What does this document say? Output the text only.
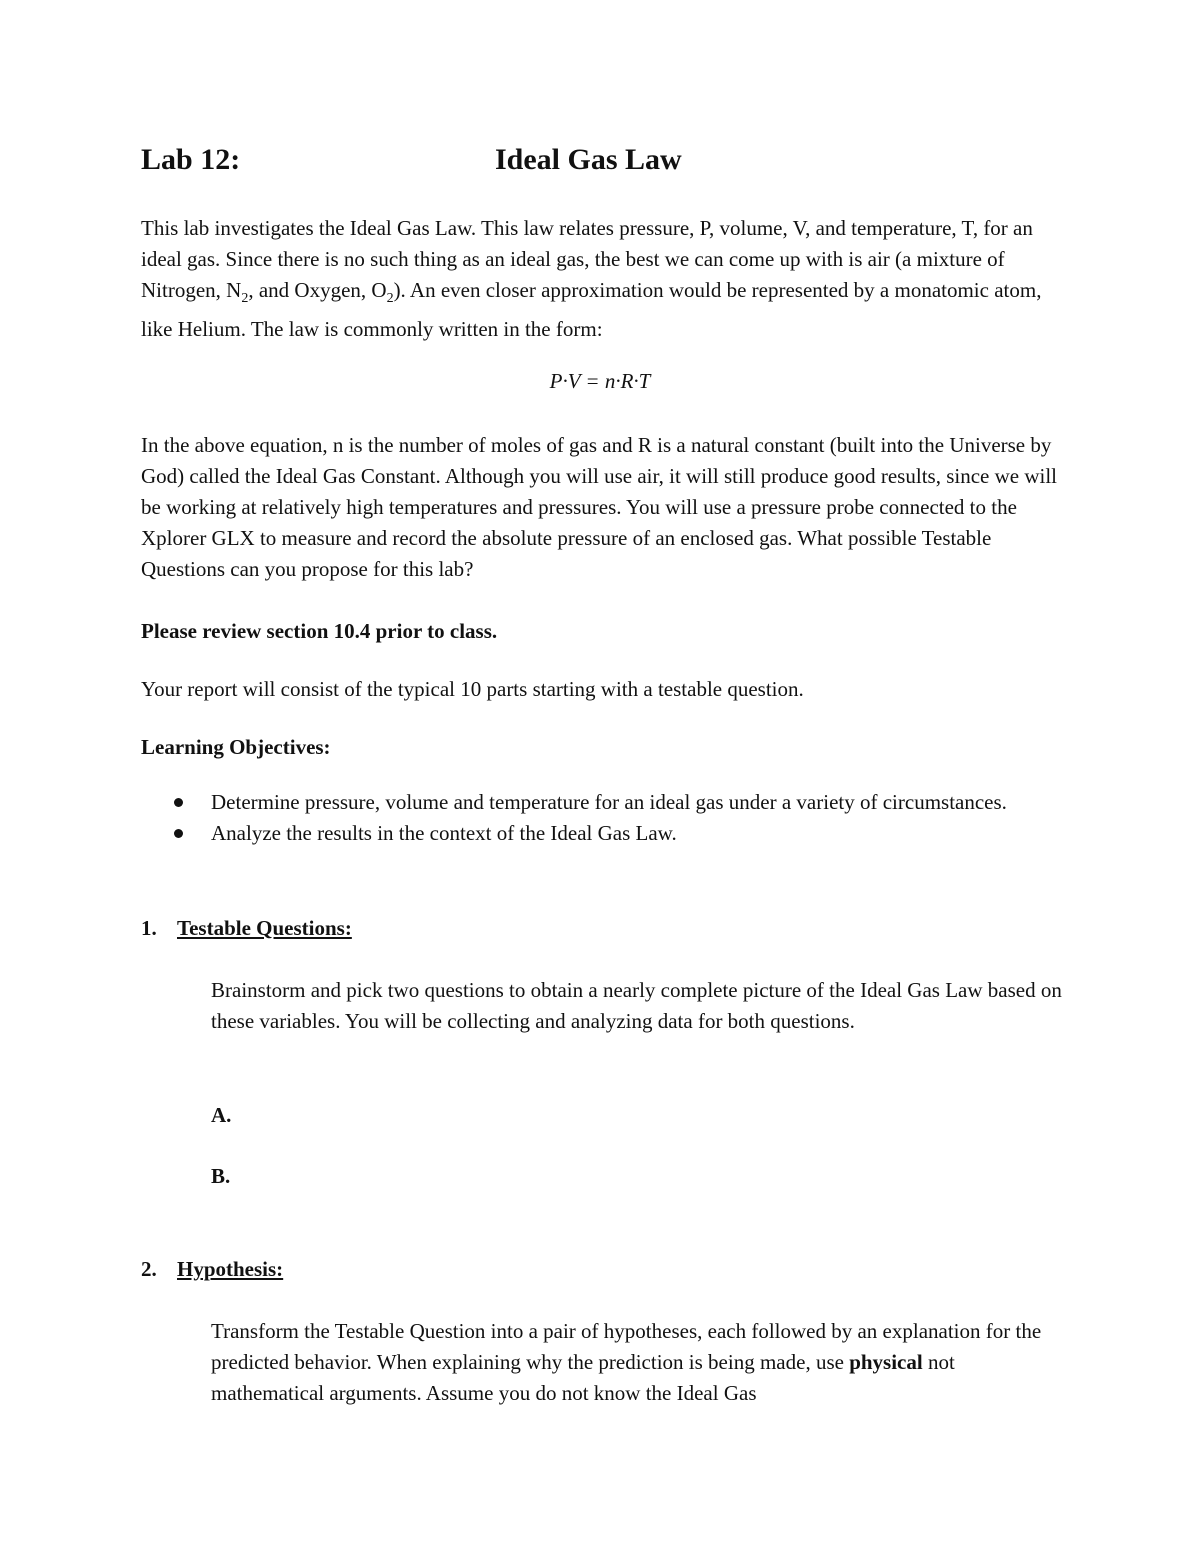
Lab 12:	Ideal Gas Law
This lab investigates the Ideal Gas Law. This law relates pressure, P, volume, V, and temperature, T, for an ideal gas. Since there is no such thing as an ideal gas, the best we can come up with is air (a mixture of Nitrogen, $N_2$, and Oxygen, $O_2$). An even closer approximation would be represented by a monatomic atom, like Helium. The law is commonly written in the form:
P·V = n·R·T
In the above equation, n is the number of moles of gas and R is a natural constant (built into the Universe by God) called the Ideal Gas Constant. Although you will use air, it will still produce good results, since we will be working at relatively high temperatures and pressures. You will use a pressure probe connected to the Xplorer GLX to measure and record the absolute pressure of an enclosed gas. What possible Testable Questions can you propose for this lab?
Please review section 10.4 prior to class.
Your report will consist of the typical 10 parts starting with a testable question.
Learning Objectives:
Determine pressure, volume and temperature for an ideal gas under a variety of circumstances.
Analyze the results in the context of the Ideal Gas Law.
1. Testable Questions:
Brainstorm and pick two questions to obtain a nearly complete picture of the Ideal Gas Law based on these variables. You will be collecting and analyzing data for both questions.
A.
B.
2. Hypothesis:
Transform the Testable Question into a pair of hypotheses, each followed by an explanation for the predicted behavior. When explaining why the prediction is being made, use physical not mathematical arguments. Assume you do not know the Ideal Gas
